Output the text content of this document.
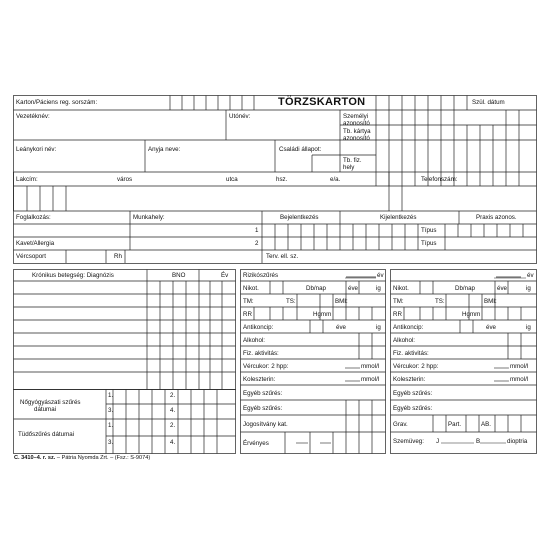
Karton/Páciens reg. sorszám:	TÖRZSKARTON	Szül. dátum
Vezetéknév:	Utónév:	Személyi
azonosító
Tb. kártya
azonosító
Leánykori név:	Anyja neve:	Családi állapot:
Tb. fiz.
hely
Lakcím:	város	utca	hsz.	e/a.	Telefonszám:
Foglalkozás:	Munkahely:	Bejelentkezés	Kijelentkezés	Praxis azonos.
1	Típus
Kavet/Allergia	2	Típus
Vércsoport	Rh	Terv. ell. sz.
Krónikus betegség: Diagnózis	BNO	Év
Nőgyógyászati szűrés
dátumai
1.	2.
3.	4.
Tüdőszűrés dátumai
1.	2.
3.	4.
Rizikószűrés	év
Nikot.	Db/nap	éve	ig
TM:	TS:	BMI:
RR	Hgmm
Antikoncip:	éve	ig
Alkohol:
Fiz. aktivitás:
Vércukor: 2 hpp:	mmol/l
Koleszterin:	mmol/l
Egyéb szűrés:
Egyéb szűrés:
Jogosítvány kat.
Érvényes
év
Nikot.	Db/nap	éve	ig
TM:	TS:	BMI:
RR	Hgmm
Antikoncip:	éve	ig
Alkohol:
Fiz. aktivitás:
Vércukor: 2 hpp:	mmol/l
Koleszterin:	mmol/l
Egyéb szűrés:
Egyéb szűrés:
Grav.	Part.	AB.
Szemüveg: J	B	dioptria
C. 3410–4. r. sz. – Pátria Nyomda Zrt. – (Fsz.: S-9074)
